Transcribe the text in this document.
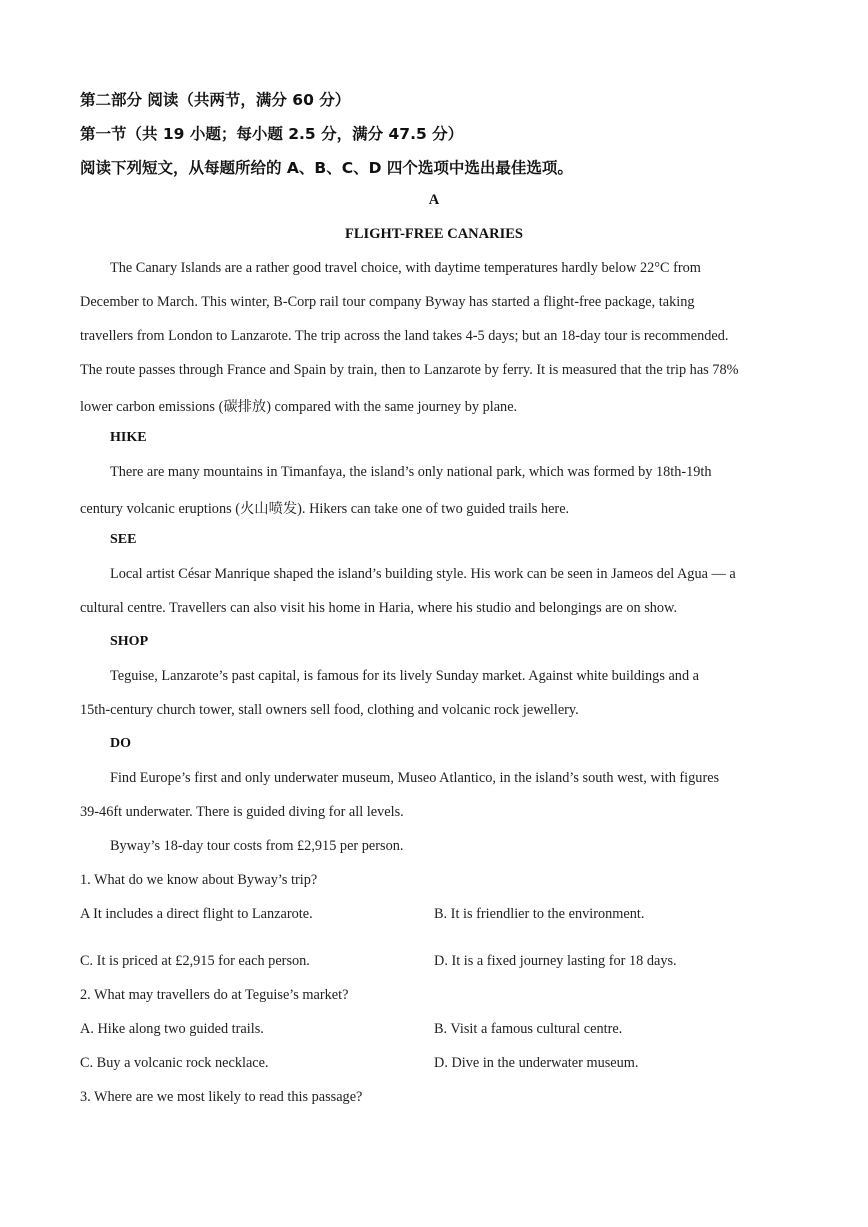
第二部分 阅读（共两节，满分 60 分）
第一节（共 19 小题；每小题 2.5 分，满分 47.5 分）
阅读下列短文，从每题所给的 A、B、C、D 四个选项中选出最佳选项。
A
FLIGHT-FREE CANARIES
The Canary Islands are a rather good travel choice, with daytime temperatures hardly below 22°C from
December to March. This winter, B-Corp rail tour company Byway has started a flight-free package, taking
travellers from London to Lanzarote. The trip across the land takes 4-5 days; but an 18-day tour is recommended.
The route passes through France and Spain by train, then to Lanzarote by ferry. It is measured that the trip has 78%
lower carbon emissions (碳排放) compared with the same journey by plane.
HIKE
There are many mountains in Timanfaya, the island’s only national park, which was formed by 18th-19th
century volcanic eruptions (火山喷发). Hikers can take one of two guided trails here.
SEE
Local artist César Manrique shaped the island’s building style. His work can be seen in Jameos del Agua — a
cultural centre. Travellers can also visit his home in Haria, where his studio and belongings are on show.
SHOP
Teguise, Lanzarote’s past capital, is famous for its lively Sunday market. Against white buildings and a
15th-century church tower, stall owners sell food, clothing and volcanic rock jewellery.
DO
Find Europe’s first and only underwater museum, Museo Atlantico, in the island’s south west, with figures
39-46ft underwater. There is guided diving for all levels.
Byway’s 18-day tour costs from £2,915 per person.
1. What do we know about Byway’s trip?
A It includes a direct flight to Lanzarote.	B. It is friendlier to the environment.
C. It is priced at £2,915 for each person.	D. It is a fixed journey lasting for 18 days.
2. What may travellers do at Teguise’s market?
A. Hike along two guided trails.	B. Visit a famous cultural centre.
C. Buy a volcanic rock necklace.	D. Dive in the underwater museum.
3. Where are we most likely to read this passage?
